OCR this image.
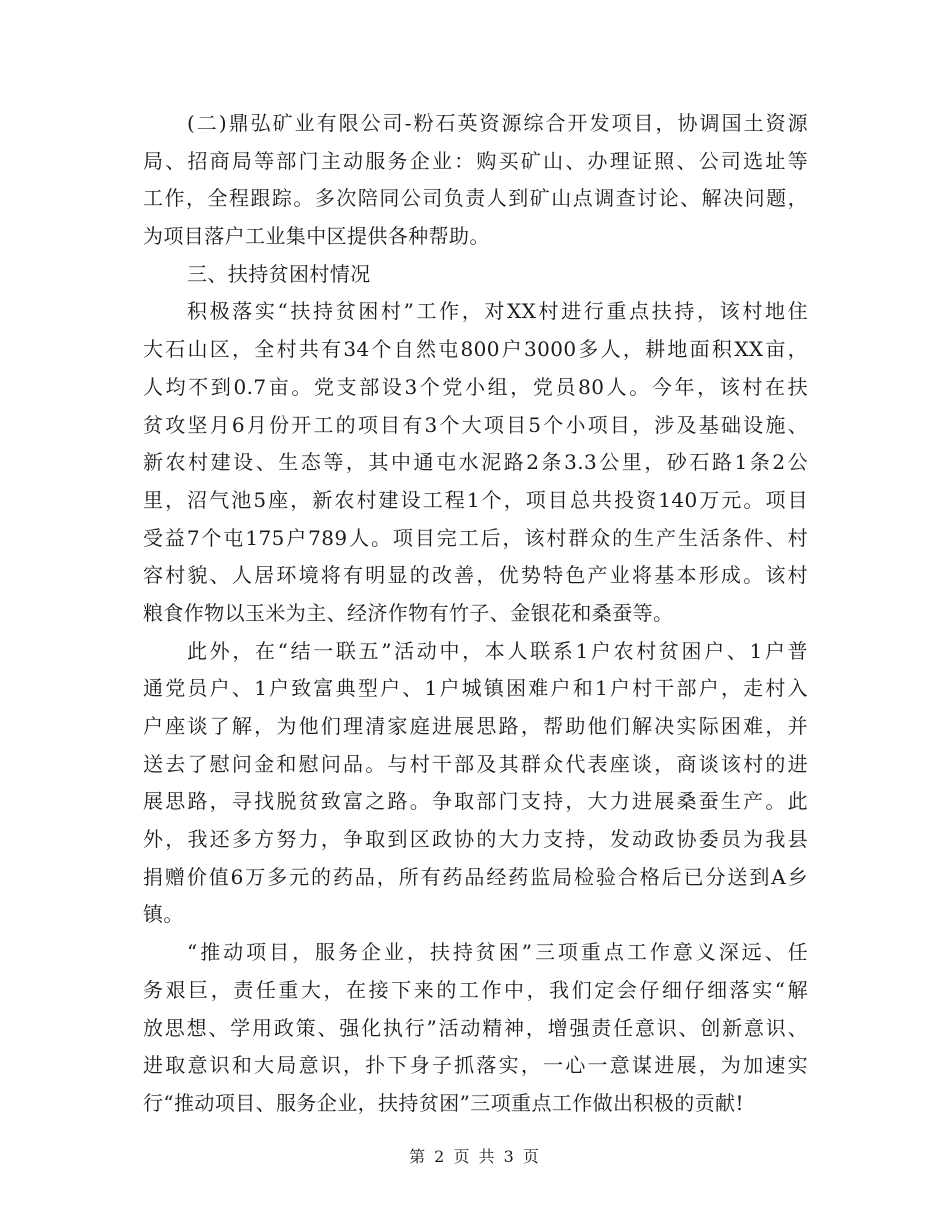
(二)鼎弘矿业有限公司-粉石英资源综合开发项目，协调国土资源
局、招商局等部门主动服务企业：购买矿山、办理证照、公司选址等
工作，全程跟踪。多次陪同公司负责人到矿山点调查讨论、解决问题，
为项目落户工业集中区提供各种帮助。
三、扶持贫困村情况
积极落实“扶持贫困村”工作，对XX村进行重点扶持，该村地住
大石山区，全村共有34个自然屯800户3000多人，耕地面积XX亩，
人均不到0.7亩。党支部设3个党小组，党员80人。今年，该村在扶
贫攻坚月6月份开工的项目有3个大项目5个小项目，涉及基础设施、
新农村建设、生态等，其中通屯水泥路2条3.3公里，砂石路1条2公
里，沼气池5座，新农村建设工程1个，项目总共投资140万元。项目
受益7个屯175户789人。项目完工后，该村群众的生产生活条件、村
容村貌、人居环境将有明显的改善，优势特色产业将基本形成。该村
粮食作物以玉米为主、经济作物有竹子、金银花和桑蚕等。
此外，在“结一联五”活动中，本人联系1户农村贫困户、1户普
通党员户、1户致富典型户、1户城镇困难户和1户村干部户，走村入
户座谈了解，为他们理清家庭进展思路，帮助他们解决实际困难，并
送去了慰问金和慰问品。与村干部及其群众代表座谈，商谈该村的进
展思路，寻找脱贫致富之路。争取部门支持，大力进展桑蚕生产。此
外，我还多方努力，争取到区政协的大力支持，发动政协委员为我县
捐赠价值6万多元的药品，所有药品经药监局检验合格后已分送到A乡
镇。
“推动项目，服务企业，扶持贫困”三项重点工作意义深远、任
务艰巨，责任重大，在接下来的工作中，我们定会仔细仔细落实“解
放思想、学用政策、强化执行”活动精神，增强责任意识、创新意识、
进取意识和大局意识，扑下身子抓落实，一心一意谋进展，为加速实
行“推动项目、服务企业，扶持贫困”三项重点工作做出积极的贡献!
第 2 页 共 3 页
